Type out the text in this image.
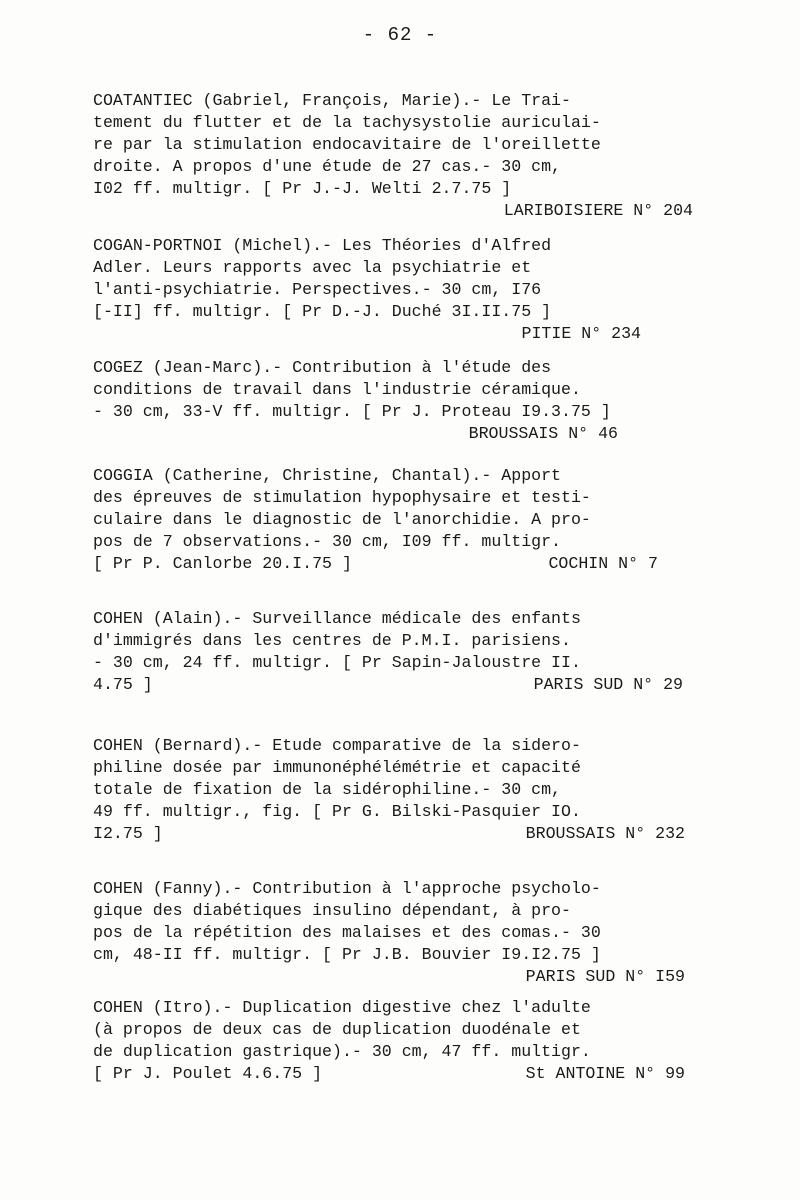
- 62 -
COATANTIEC (Gabriel, François, Marie).- Le Trai-
tement du flutter et de la tachysystolie auriculai-
re par la stimulation endocavitaire de l'oreillette
droite. A propos d'une étude de 27 cas.- 30 cm,
I02 ff. multigr. [ Pr J.-J. Welti 2.7.75 ]
LARIBOISIERE N° 204
COGAN-PORTNOI (Michel).- Les Théories d'Alfred
Adler. Leurs rapports avec la psychiatrie et
l'anti-psychiatrie. Perspectives.- 30 cm, I76
[-II] ff. multigr. [ Pr D.-J. Duché 3I.II.75 ]
PITIE N° 234
COGEZ (Jean-Marc).- Contribution à l'étude des
conditions de travail dans l'industrie céramique.
- 30 cm, 33-V ff. multigr. [ Pr J. Proteau I9.3.75 ]
BROUSSAIS N° 46
COGGIA (Catherine, Christine, Chantal).- Apport
des épreuves de stimulation hypophysaire et testi-
culaire dans le diagnostic de l'anorchidie. A pro-
pos de 7 observations.- 30 cm, I09 ff. multigr.
[ Pr P. Canlorbe 20.I.75 ]	COCHIN N° 7
COHEN (Alain).- Surveillance médicale des enfants
d'immigrés dans les centres de P.M.I. parisiens.
- 30 cm, 24 ff. multigr. [ Pr Sapin-Jaloustre II.
4.75 ]	PARIS SUD N° 29
COHEN (Bernard).- Etude comparative de la sidero-
philine dosée par immunonéphélémétrie et capacité
totale de fixation de la sidérophiline.- 30 cm,
49 ff. multigr., fig. [ Pr G. Bilski-Pasquier IO.
I2.75 ]	BROUSSAIS N° 232
COHEN (Fanny).- Contribution à l'approche psycholo-
gique des diabétiques insulino dépendant, à pro-
pos de la répétition des malaises et des comas.- 30
cm, 48-II ff. multigr. [ Pr J.B. Bouvier I9.I2.75 ]
PARIS SUD N° I59
COHEN (Itro).- Duplication digestive chez l'adulte
(à propos de deux cas de duplication duodénale et
de duplication gastrique).- 30 cm, 47 ff. multigr.
[ Pr J. Poulet 4.6.75 ]	St ANTOINE N° 99
